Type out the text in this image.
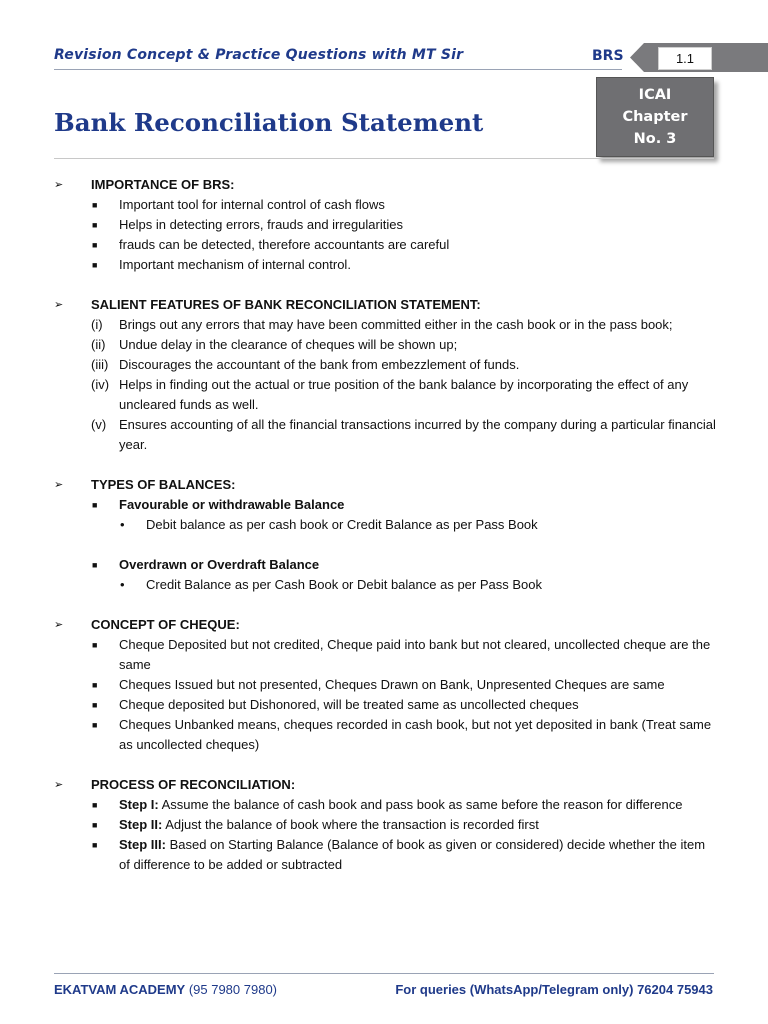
Revision Concept & Practice Questions with MT Sir	BRS	1.1
ICAI
Chapter
No. 3
Bank Reconciliation Statement
➢ IMPORTANCE OF BRS:
■ Important tool for internal control of cash flows
■ Helps in detecting errors, frauds and irregularities
■ frauds can be detected, therefore accountants are careful
■ Important mechanism of internal control.
➢ SALIENT FEATURES OF BANK RECONCILIATION STATEMENT:
(i) Brings out any errors that may have been committed either in the cash book or in the pass book;
(ii) Undue delay in the clearance of cheques will be shown up;
(iii) Discourages the accountant of the bank from embezzlement of funds.
(iv) Helps in finding out the actual or true position of the bank balance by incorporating the effect of any uncleared funds as well.
(v) Ensures accounting of all the financial transactions incurred by the company during a particular financial year.
➢ TYPES OF BALANCES:
■ Favourable or withdrawable Balance
• Debit balance as per cash book or Credit Balance as per Pass Book
■ Overdrawn or Overdraft Balance
• Credit Balance as per Cash Book or Debit balance as per Pass Book
➢ CONCEPT OF CHEQUE:
■ Cheque Deposited but not credited, Cheque paid into bank but not cleared, uncollected cheque are the same
■ Cheques Issued but not presented, Cheques Drawn on Bank, Unpresented Cheques are same
■ Cheque deposited but Dishonored, will be treated same as uncollected cheques
■ Cheques Unbanked means, cheques recorded in cash book, but not yet deposited in bank (Treat same as uncollected cheques)
➢ PROCESS OF RECONCILIATION:
■ Step I: Assume the balance of cash book and pass book as same before the reason for difference
■ Step II: Adjust the balance of book where the transaction is recorded first
■ Step III: Based on Starting Balance (Balance of book as given or considered) decide whether the item of difference to be added or subtracted
EKATVAM ACADEMY (95 7980 7980)	For queries (WhatsApp/Telegram only) 76204 75943
